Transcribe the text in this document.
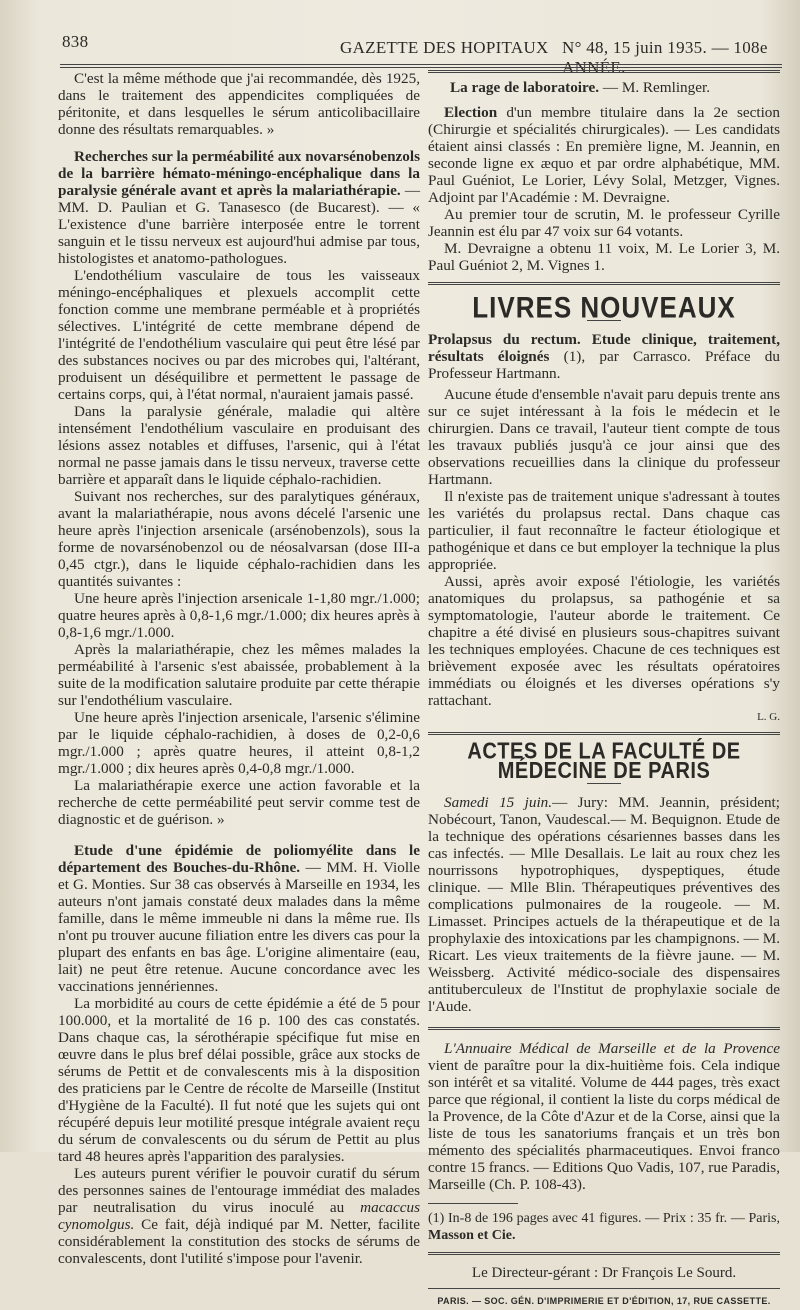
838	GAZETTE DES HOPITAUX N° 48, 15 juin 1935. — 108e ANNÉE.

C'est la même méthode que j'ai recommandée, dès 1925, dans le traitement des appendicites compliquées de péritonite, et dans lesquelles le sérum anticolibacillaire donne des résultats remarquables. »

Recherches sur la perméabilité aux novarsénobenzols de la barrière hémato-méningo-encéphalique dans la paralysie générale avant et après la malariathérapie. — MM. D. Paulian et G. Tanasesco (de Bucarest). — « L'existence d'une barrière interposée entre le torrent sanguin et le tissu nerveux est aujourd'hui admise par tous, histologistes et anatomo-pathologues.

L'endothélium vasculaire de tous les vaisseaux méningo-encéphaliques et plexuels accomplit cette fonction comme une membrane perméable et à propriétés sélectives. L'intégrité de cette membrane dépend de l'intégrité de l'endothélium vasculaire qui peut être lésé par des substances nocives ou par des microbes qui, l'altérant, produisent un déséquilibre et permettent le passage de certains corps, qui, à l'état normal, n'auraient jamais passé.

Dans la paralysie générale, maladie qui altère intensément l'endothélium vasculaire en produisant des lésions assez notables et diffuses, l'arsenic, qui à l'état normal ne passe jamais dans le tissu nerveux, traverse cette barrière et apparaît dans le liquide céphalo-rachidien.

Suivant nos recherches, sur des paralytiques généraux, avant la malariathérapie, nous avons décelé l'arsenic une heure après l'injection arsenicale (arsénobenzols), sous la forme de novarsénobenzol ou de néosalvarsan (dose III-a 0,45 ctgr.), dans le liquide céphalo-rachidien dans les quantités suivantes :

Une heure après l'injection arsenicale 1-1,80 mgr./1.000; quatre heures après à 0,8-1,6 mgr./1.000; dix heures après à 0,8-1,6 mgr./1.000.

Après la malariathérapie, chez les mêmes malades la perméabilité à l'arsenic s'est abaissée, probablement à la suite de la modification salutaire produite par cette thérapie sur l'endothélium vasculaire.

Une heure après l'injection arsenicale, l'arsenic s'élimine par le liquide céphalo-rachidien, à doses de 0,2-0,6 mgr./1.000 ; après quatre heures, il atteint 0,8-1,2 mgr./1.000 ; dix heures après 0,4-0,8 mgr./1.000.

La malariathérapie exerce une action favorable et la recherche de cette perméabilité peut servir comme test de diagnostic et de guérison. »

Etude d'une épidémie de poliomyélite dans le département des Bouches-du-Rhône. — MM. H. Violle et G. Monties. Sur 38 cas observés à Marseille en 1934, les auteurs n'ont jamais constaté deux malades dans la même famille, dans le même immeuble ni dans la même rue. Ils n'ont pu trouver aucune filiation entre les divers cas pour la plupart des enfants en bas âge. L'origine alimentaire (eau, lait) ne peut être retenue. Aucune concordance avec les vaccinations jennériennes.

La morbidité au cours de cette épidémie a été de 5 pour 100.000, et la mortalité de 16 p. 100 des cas constatés. Dans chaque cas, la sérothérapie spécifique fut mise en œuvre dans le plus bref délai possible, grâce aux stocks de sérums de Pettit et de convalescents mis à la disposition des praticiens par le Centre de récolte de Marseille (Institut d'Hygiène de la Faculté). Il fut noté que les sujets qui ont récupéré depuis leur motilité presque intégrale avaient reçu du sérum de convalescents ou du sérum de Pettit au plus tard 48 heures après l'apparition des paralysies.

Les auteurs purent vérifier le pouvoir curatif du sérum des personnes saines de l'entourage immédiat des malades par neutralisation du virus inoculé au macaccus cynomolgus. Ce fait, déjà indiqué par M. Netter, facilite considérablement la constitution des stocks de sérums de convalescents, dont l'utilité s'impose pour l'avenir.

La rage de laboratoire. — M. Remlinger.

Election d'un membre titulaire dans la 2e section (Chirurgie et spécialités chirurgicales). — Les candidats étaient ainsi classés : En première ligne, M. Jeannin, en seconde ligne ex æquo et par ordre alphabétique, MM. Paul Guéniot, Le Lorier, Lévy Solal, Metzger, Vignes. Adjoint par l'Académie : M. Devraigne.

Au premier tour de scrutin, M. le professeur Cyrille Jeannin est élu par 47 voix sur 64 votants.

M. Devraigne a obtenu 11 voix, M. Le Lorier 3, M. Paul Guéniot 2, M. Vignes 1.

LIVRES NOUVEAUX

Prolapsus du rectum. Etude clinique, traitement, résultats éloignés (1), par Carrasco. Préface du Professeur Hartmann.

Aucune étude d'ensemble n'avait paru depuis trente ans sur ce sujet intéressant à la fois le médecin et le chirurgien. Dans ce travail, l'auteur tient compte de tous les travaux publiés jusqu'à ce jour ainsi que des observations recueillies dans la clinique du professeur Hartmann.

Il n'existe pas de traitement unique s'adressant à toutes les variétés du prolapsus rectal. Dans chaque cas particulier, il faut reconnaître le facteur étiologique et pathogénique et dans ce but employer la technique la plus appropriée.

Aussi, après avoir exposé l'étiologie, les variétés anatomiques du prolapsus, sa pathogénie et sa symptomatologie, l'auteur aborde le traitement. Ce chapitre a été divisé en plusieurs sous-chapitres suivant les techniques employées. Chacune de ces techniques est brièvement exposée avec les résultats opératoires immédiats ou éloignés et les diverses opérations s'y rattachant.

L. G.

ACTES DE LA FACULTÉ DE MÉDECINE DE PARIS

Samedi 15 juin.— Jury: MM. Jeannin, président; Nobécourt, Tanon, Vaudescal.— M. Bequignon. Etude de la technique des opérations césariennes basses dans les cas infectés. — Mlle Desallais. Le lait au roux chez les nourrissons hypotrophiques, dyspeptiques, étude clinique. — Mlle Blin. Thérapeutiques préventives des complications pulmonaires de la rougeole. — M. Limasset. Principes actuels de la thérapeutique et de la prophylaxie des intoxications par les champignons. — M. Ricart. Les vieux traitements de la fièvre jaune. — M. Weissberg. Activité médico-sociale des dispensaires antituberculeux de l'Institut de prophylaxie sociale de l'Aude.

L'Annuaire Médical de Marseille et de la Provence vient de paraître pour la dix-huitième fois. Cela indique son intérêt et sa vitalité. Volume de 444 pages, très exact parce que régional, il contient la liste du corps médical de la Provence, de la Côte d'Azur et de la Corse, ainsi que la liste de tous les sanatoriums français et un très bon mémento des spécialités pharmaceutiques. Envoi franco contre 15 francs. — Editions Quo Vadis, 107, rue Paradis, Marseille (Ch. P. 108-43).

(1) In-8 de 196 pages avec 41 figures. — Prix : 35 fr. — Paris, Masson et Cie.

Le Directeur-gérant : Dr François Le Sourd.
PARIS. — SOC. GÉN. D'IMPRIMERIE ET D'ÉDITION, 17, RUE CASSETTE.
